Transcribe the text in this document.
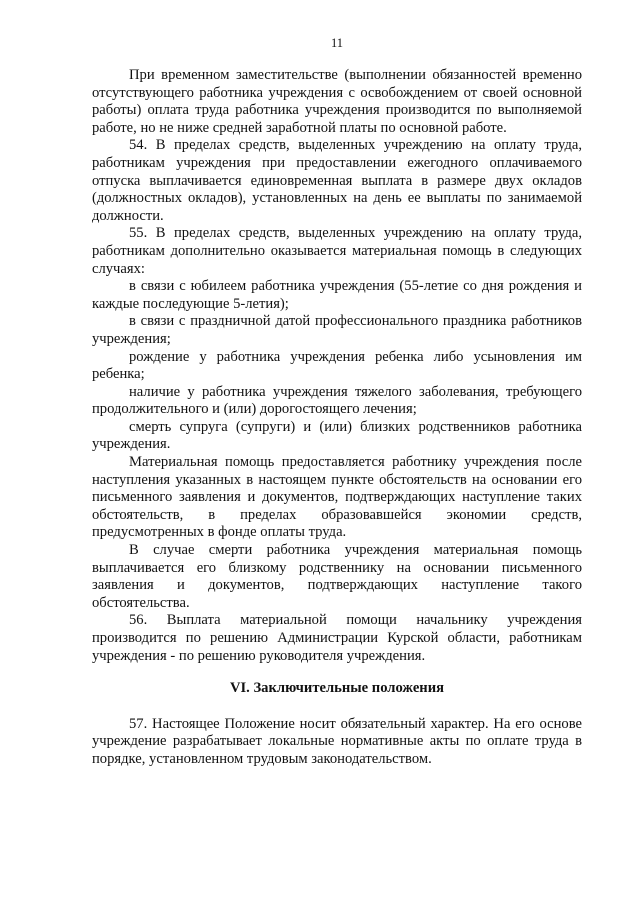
11

При временном заместительстве (выполнении обязанностей временно отсутствующего работника учреждения с освобождением от своей основной работы) оплата труда работника учреждения производится по выполняемой работе, но не ниже средней заработной платы по основной работе.

54. В пределах средств, выделенных учреждению на оплату труда, работникам учреждения при предоставлении ежегодного оплачиваемого отпуска выплачивается единовременная выплата в размере двух окладов (должностных окладов), установленных на день ее выплаты по занимаемой должности.

55. В пределах средств, выделенных учреждению на оплату труда, работникам дополнительно оказывается материальная помощь в следующих случаях:

в связи с юбилеем работника учреждения (55-летие со дня рождения и каждые последующие 5-летия);

в связи с праздничной датой профессионального праздника работников учреждения;

рождение у работника учреждения ребенка либо усыновления им ребенка;

наличие у работника учреждения тяжелого заболевания, требующего продолжительного и (или) дорогостоящего лечения;

смерть супруга (супруги) и (или) близких родственников работника учреждения.

Материальная помощь предоставляется работнику учреждения после наступления указанных в настоящем пункте обстоятельств на основании его письменного заявления и документов, подтверждающих наступление таких обстоятельств, в пределах образовавшейся экономии средств, предусмотренных в фонде оплаты труда.

В случае смерти работника учреждения материальная помощь выплачивается его близкому родственнику на основании письменного заявления и документов, подтверждающих наступление такого обстоятельства.

56. Выплата материальной помощи начальнику учреждения производится по решению Администрации Курской области, работникам учреждения - по решению руководителя учреждения.

VI. Заключительные положения

57. Настоящее Положение носит обязательный характер. На его основе учреждение разрабатывает локальные нормативные акты по оплате труда в порядке, установленном трудовым законодательством.
